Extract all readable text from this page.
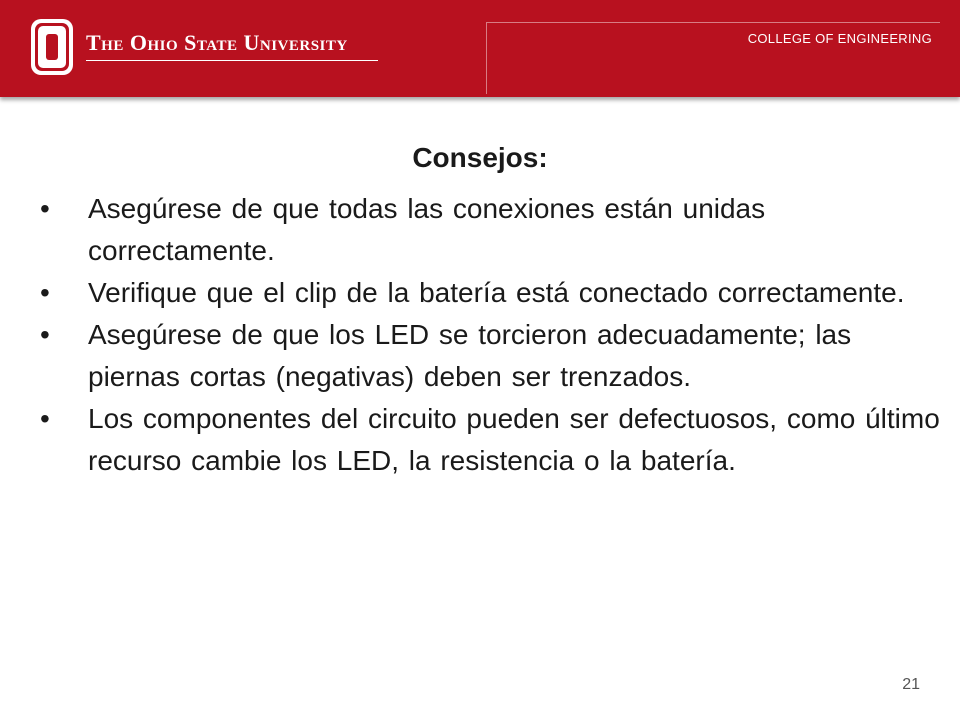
The Ohio State University	COLLEGE OF ENGINEERING
Consejos:
•	Asegúrese de que todas las conexiones están unidas correctamente.
•	Verifique que el clip de la batería está conectado correctamente.
•	Asegúrese de que los LED se torcieron adecuadamente; las piernas cortas (negativas) deben ser trenzados.
•	Los componentes del circuito pueden ser defectuosos, como último recurso cambie los LED, la resistencia o la batería.
21
